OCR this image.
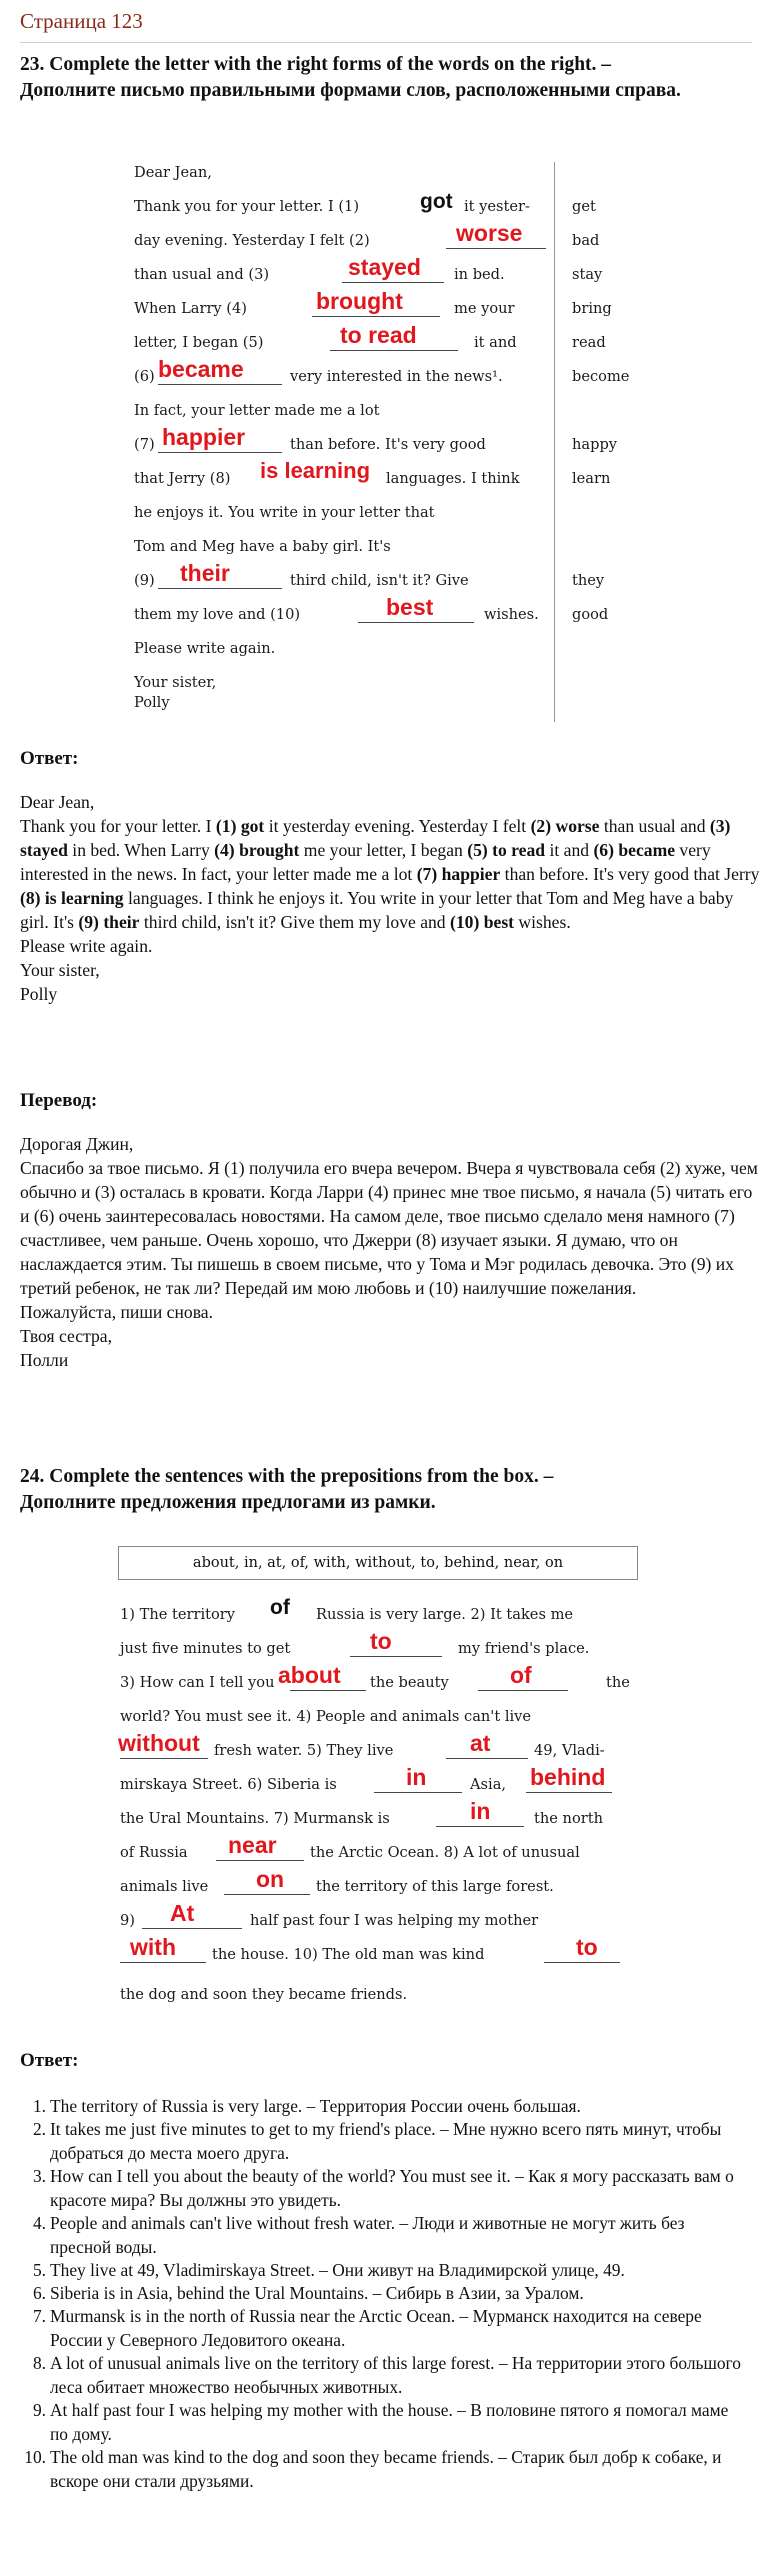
Страница 123
23. Complete the letter with the right forms of the words on the right. –
Дополните письмо правильными формами слов, расположенными справа.
Dear Jean,
Thank you for your letter. I (1)	it yester-
got
day evening. Yesterday I felt (2)	worse
than usual and (3)	in bed.
stayed
When Larry (4)	me your
brought
letter, I began (5)	it and
to read
(6)	very interested in the news¹.
became
In fact, your letter made me a lot
(7)	than before. It's very good
happier
that Jerry (8)	languages. I think
is learning
he enjoys it. You write in your letter that
Tom and Meg have a baby girl. It's
(9)	third child, isn't it? Give
their
them my love and (10)	wishes.
best
Please write again.
Your sister,
Polly
get
bad
stay
bring
read
become
happy
learn
they
good
Ответ:

Dear Jean,

Thank you for your letter. I (1) got it yesterday evening. Yesterday I felt (2) worse than usual and (3) stayed in bed. When Larry (4) brought me your letter, I began (5) to read it and (6) became very interested in the news. In fact, your letter made me a lot (7) happier than before. It's very good that Jerry (8) is learning languages. I think he enjoys it. You write in your letter that Tom and Meg have a baby girl. It's (9) their third child, isn't it? Give them my love and (10) best wishes.

Please write again.

Your sister,

Polly

Перевод:

Дорогая Джин,

Спасибо за твое письмо. Я (1) получила его вчера вечером. Вчера я чувствовала себя (2) хуже, чем обычно и (3) осталась в кровати. Когда Ларри (4) принес мне твое письмо, я начала (5) читать его и (6) очень заинтересовалась новостями. На самом деле, твое письмо сделало меня намного (7) счастливее, чем раньше. Очень хорошо, что Джерри (8) изучает языки. Я думаю, что он наслаждается этим. Ты пишешь в своем письме, что у Тома и Мэг родилась девочка. Это (9) их третий ребенок, не так ли? Передай им мою любовь и (10) наилучшие пожелания.

Пожалуйста, пиши снова.

Твоя сестра,

Полли

24. Complete the sentences with the prepositions from the box. –
Дополните предложения предлогами из рамки.
about, in, at, of, with, without, to, behind, near, on
1) The territory	Russia is very large. 2) It takes me
of
just five minutes to get	my friend's place.
to
3) How can I tell you	the beauty	the
about	of
world? You must see it. 4) People and animals can't live
fresh water. 5) They live	49, Vladi-
without	at
mirskaya Street. 6) Siberia is	Asia,
in	behind
the Ural Mountains. 7) Murmansk is	the north
in
of Russia	the Arctic Ocean. 8) A lot of unusual
near
animals live	the territory of this large forest.
on
9)	half past four I was helping my mother
At
the house. 10) The old man was kind
with	to
the dog and soon they became friends.
Ответ:
1. The territory of Russia is very large. – Территория России очень большая.
2. It takes me just five minutes to get to my friend's place. – Мне нужно всего пять минут, чтобы добраться до места моего друга.
3. How can I tell you about the beauty of the world? You must see it. – Как я могу рассказать вам о красоте мира? Вы должны это увидеть.
4. People and animals can't live without fresh water. – Люди и животные не могут жить без пресной воды.
5. They live at 49, Vladimirskaya Street. – Они живут на Владимирской улице, 49.
6. Siberia is in Asia, behind the Ural Mountains. – Сибирь в Азии, за Уралом.
7. Murmansk is in the north of Russia near the Arctic Ocean. – Мурманск находится на севере России у Северного Ледовитого океана.
8. A lot of unusual animals live on the territory of this large forest. – На территории этого большого леса обитает множество необычных животных.
9. At half past four I was helping my mother with the house. – В половине пятого я помогал маме по дому.
10. The old man was kind to the dog and soon they became friends. – Старик был добр к собаке, и вскоре они стали друзьями.
